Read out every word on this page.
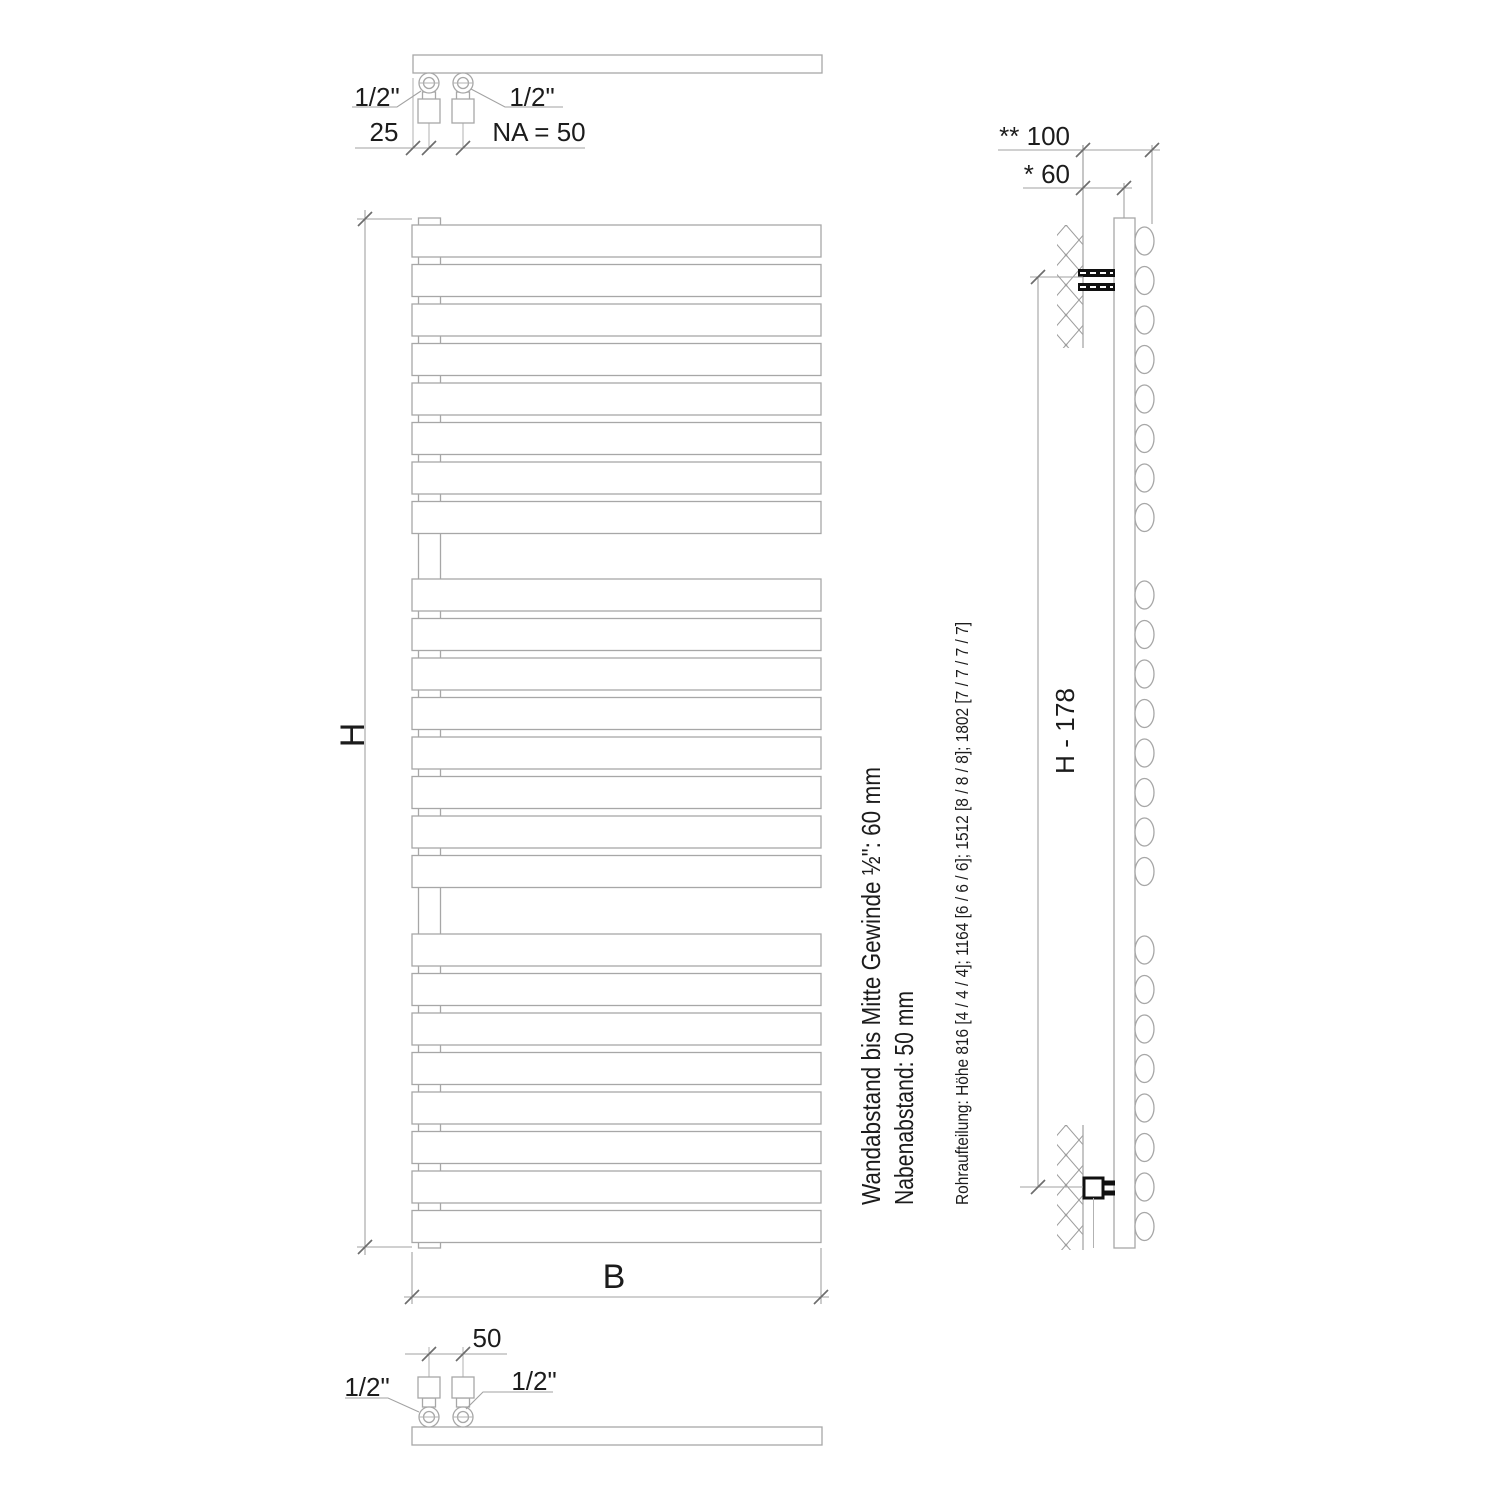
1/2"	1/2"
25	NA = 50
H
B
50
1/2"	1/2"
** 100
* 60
H - 178
Wandabstand bis Mitte Gewinde ½": 60 mm Nabenabstand: 50 mm Rohraufteilung: Höhe 816 [4 / 4 / 4]; 1164 [6 / 6 / 6]; 1512 [8 / 8 / 8]; 1802 [7 / 7 / 7 / 7]
